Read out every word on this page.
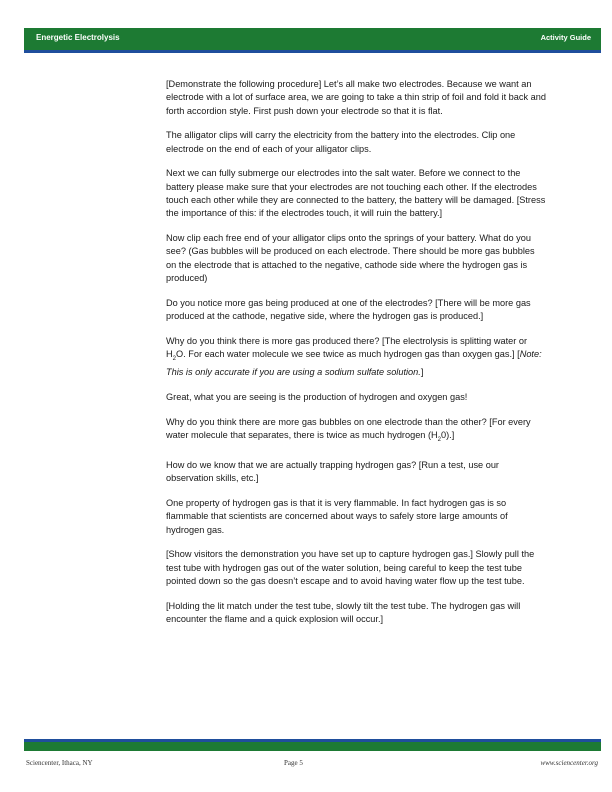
Energetic Electrolysis	Activity Guide

[Demonstrate the following procedure] Let’s all make two electrodes. Because we want an electrode with a lot of surface area, we are going to take a thin strip of foil and fold it back and forth accordion style. First push down your electrode so that it is flat.

The alligator clips will carry the electricity from the battery into the electrodes. Clip one electrode on the end of each of your alligator clips.

Next we can fully submerge our electrodes into the salt water. Before we connect to the battery please make sure that your electrodes are not touching each other. If the electrodes touch each other while they are connected to the battery, the battery will be damaged. [Stress the importance of this: if the electrodes touch, it will ruin the battery.]

Now clip each free end of your alligator clips onto the springs of your battery. What do you see? (Gas bubbles will be produced on each electrode. There should be more gas bubbles on the electrode that is attached to the negative, cathode side where the hydrogen gas is produced)

Do you notice more gas being produced at one of the electrodes? [There will be more gas produced at the cathode, negative side, where the hydrogen gas is produced.]

Why do you think there is more gas produced there? [The electrolysis is splitting water or $H_2O$. For each water molecule we see twice as much hydrogen gas than oxygen gas.] [Note: This is only accurate if you are using a sodium sulfate solution.]

Great, what you are seeing is the production of hydrogen and oxygen gas!

Why do you think there are more gas bubbles on one electrode than the other? [For every water molecule that separates, there is twice as much hydrogen $(H_20)$.]

How do we know that we are actually trapping hydrogen gas? [Run a test, use our observation skills, etc.]

One property of hydrogen gas is that it is very flammable. In fact hydrogen gas is so flammable that scientists are concerned about ways to safely store large amounts of hydrogen gas.

[Show visitors the demonstration you have set up to capture hydrogen gas.] Slowly pull the test tube with hydrogen gas out of the water solution, being careful to keep the test tube pointed down so the gas doesn’t escape and to avoid having water flow up the test tube.

[Holding the lit match under the test tube, slowly tilt the test tube. The hydrogen gas will encounter the flame and a quick explosion will occur.]

Sciencenter, Ithaca, NY	Page 5	www.sciencenter.org
